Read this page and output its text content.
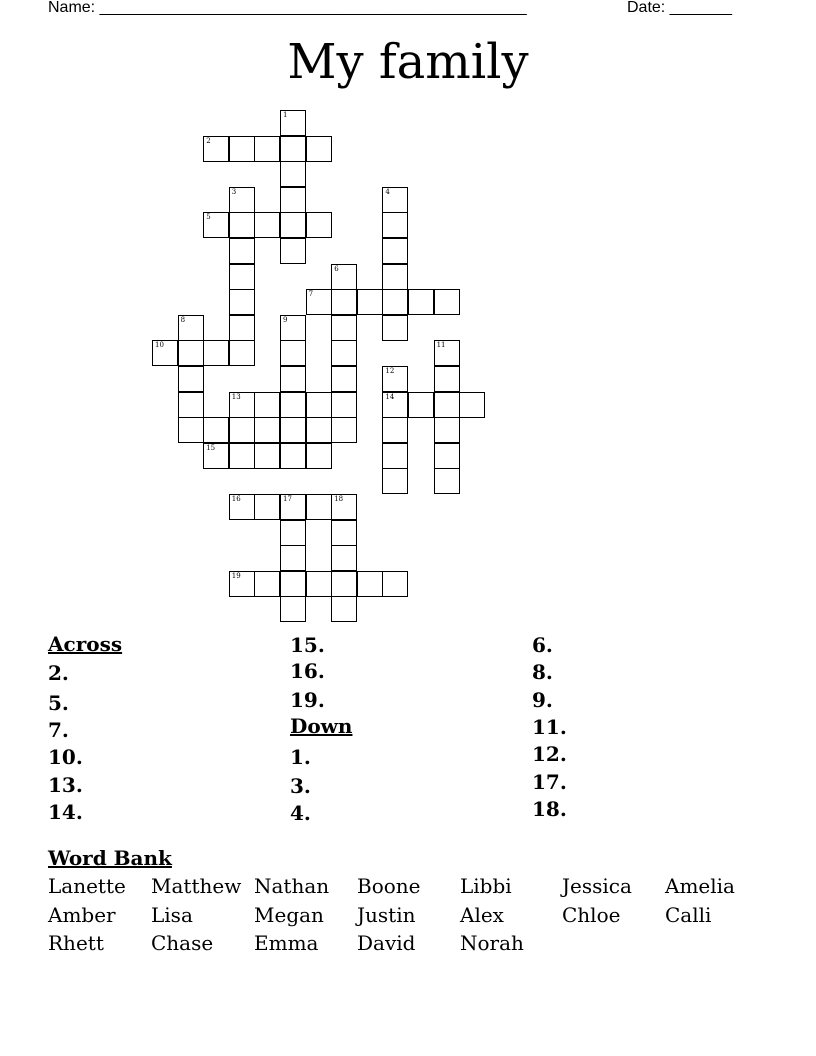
Name: ________________________________________________	Date: _______
My family
1
2
3	4
5
6
7
8	9
10	11
12
14
13
15
16	17	18
19
Across
2.
5.
7.
10.
13.
14.
15.
16.
19.
Down
1.
3.
4.
6.
8.
9.
11.
12.
17.
18.
Word Bank
Lanette Matthew Nathan Boone Libbi	Jessica Amelia
Amber Lisa	Megan Justin Alex	Chloe Calli
Rhett Chase Emma David Norah
